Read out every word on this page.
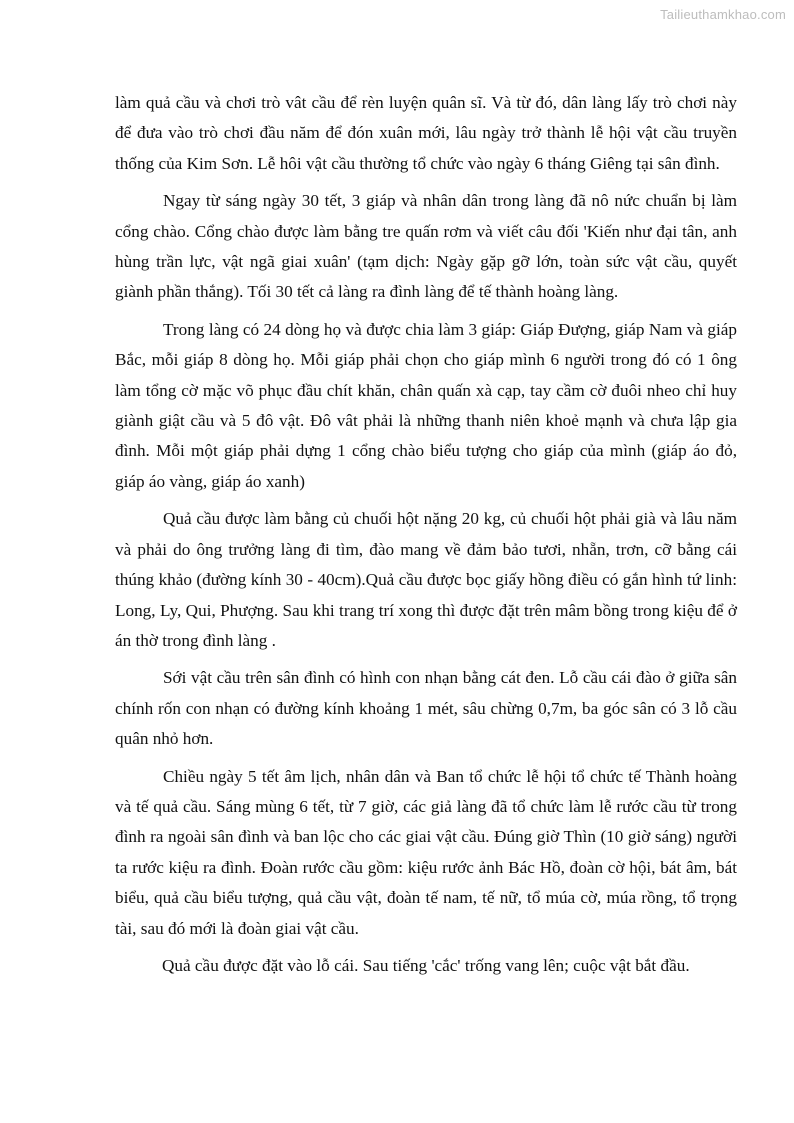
Tailieuthamkhao.com

làm quả cầu và chơi trò vât cầu để rèn luyện quân sĩ. Và từ đó, dân làng lấy trò chơi này để đưa vào trò chơi đầu năm để đón xuân mới, lâu ngày trở thành lễ hội vật cầu truyền thống của Kim Sơn. Lễ hôi vật cầu thường tổ chức vào ngày 6 tháng Giêng tại sân đình.

Ngay từ sáng ngày 30 tết, 3 giáp và nhân dân trong làng đã nô nức chuẩn bị làm cổng chào. Cổng chào được làm bằng tre quấn rơm và viết câu đối 'Kiến như đại tân, anh hùng trần lực, vật ngã giai xuân' (tạm dịch: Ngày gặp gỡ lớn, toàn sức vật cầu, quyết giành phần thắng). Tối 30 tết cả làng ra đình làng để tế thành hoàng làng.

Trong làng có 24 dòng họ và được chia làm 3 giáp: Giáp Đượng, giáp Nam và giáp Bắc, mỗi giáp 8 dòng họ. Mỗi giáp phải chọn cho giáp mình 6 người trong đó có 1 ông làm tổng cờ mặc võ phục đầu chít khăn, chân quấn xà cạp, tay cầm cờ đuôi nheo chỉ huy giành giật cầu và 5 đô vật. Đô vât phải là những thanh niên khoẻ mạnh và chưa lập gia đình. Mỗi một giáp phải dựng 1 cổng chào biểu tượng cho giáp của mình (giáp áo đỏ, giáp áo vàng, giáp áo xanh)

Quả cầu được làm bằng củ chuối hột nặng 20 kg, củ chuối hột phải già và lâu năm và phải do ông trưởng làng đi tìm, đào mang về đảm bảo tươi, nhẵn, trơn, cỡ bằng cái thúng khảo (đường kính 30 - 40cm).Quả cầu được bọc giấy hồng điều có gắn hình tứ linh: Long, Ly, Qui, Phượng. Sau khi trang trí xong thì được đặt trên mâm bồng trong kiệu để ở án thờ trong đình làng .

Sới vật cầu trên sân đình có hình con nhạn bằng cát đen. Lỗ cầu cái đào ở giữa sân chính rốn con nhạn có đường kính khoảng 1 mét, sâu chừng 0,7m, ba góc sân có 3 lỗ cầu quân nhỏ hơn.

Chiều ngày 5 tết âm lịch, nhân dân và Ban tổ chức lễ hội tổ chức tế Thành hoàng và tế quả cầu. Sáng mùng 6 tết, từ 7 giờ, các giả làng đã tổ chức làm lễ rước cầu từ trong đình ra ngoài sân đình và ban lộc cho các giai vật cầu. Đúng giờ Thìn (10 giờ sáng) người ta rước kiệu ra đình. Đoàn rước cầu gồm: kiệu rước ảnh Bác Hồ, đoàn cờ hội, bát âm, bát biểu, quả cầu biểu tượng, quả cầu vật, đoàn tế nam, tế nữ, tổ múa cờ, múa rồng, tổ trọng tài, sau đó mới là đoàn giai vật cầu.

Quả cầu được đặt vào lỗ cái. Sau tiếng 'cắc' trống vang lên; cuộc vật bắt đầu.
